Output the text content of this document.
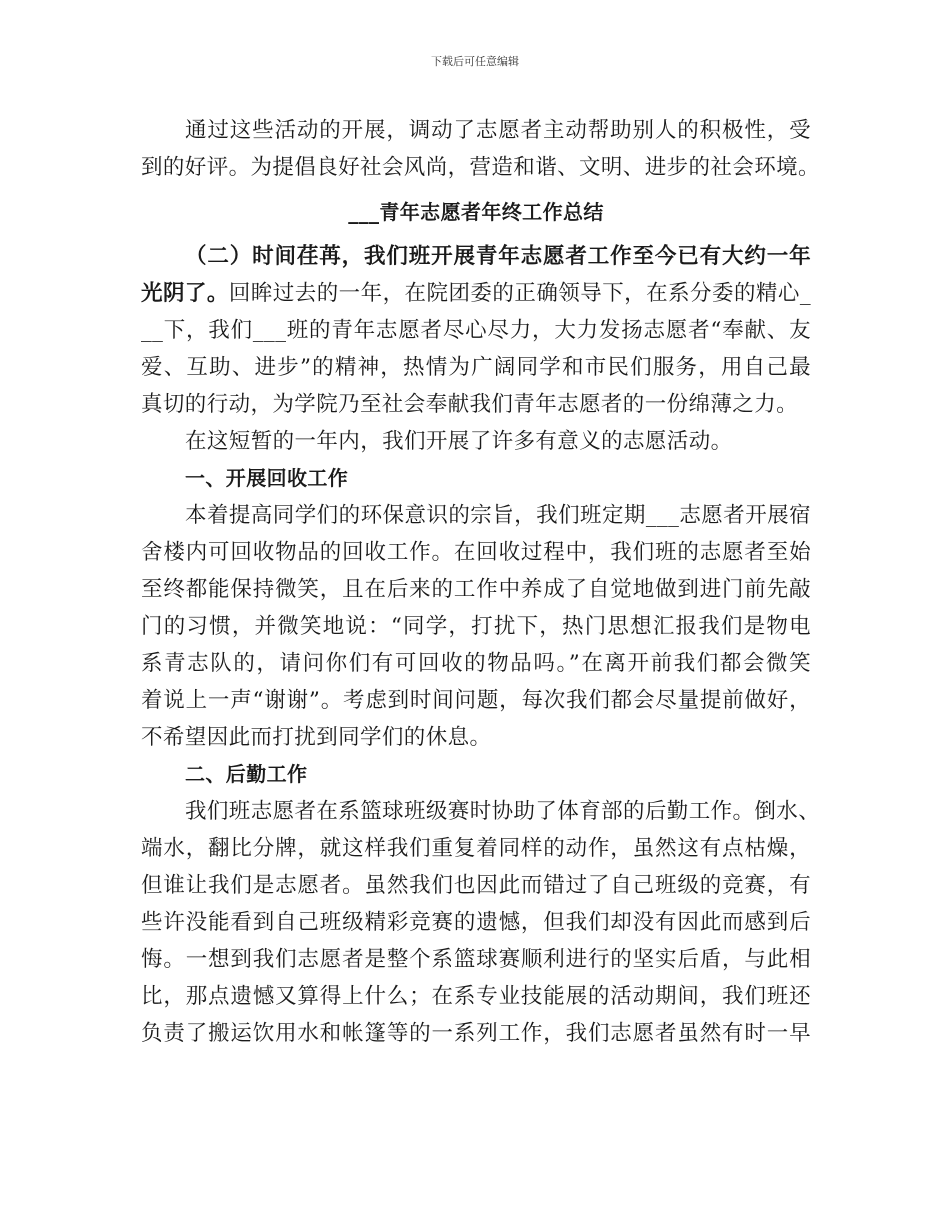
下载后可任意编辑
通过这些活动的开展，调动了志愿者主动帮助别人的积极性，受
到的好评。为提倡良好社会风尚，营造和谐、文明、进步的社会环境。
___青年志愿者年终工作总结
（二）时间荏苒，我们班开展青年志愿者工作至今已有大约一年
光阴了。回眸过去的一年，在院团委的正确领导下，在系分委的精心_
__下，我们___班的青年志愿者尽心尽力，大力发扬志愿者“奉献、友
爱、互助、进步”的精神，热情为广阔同学和市民们服务，用自己最
真切的行动，为学院乃至社会奉献我们青年志愿者的一份绵薄之力。
在这短暂的一年内，我们开展了许多有意义的志愿活动。
一、开展回收工作
本着提高同学们的环保意识的宗旨，我们班定期___志愿者开展宿
舍楼内可回收物品的回收工作。在回收过程中，我们班的志愿者至始
至终都能保持微笑，且在后来的工作中养成了自觉地做到进门前先敲
门的习惯，并微笑地说：“同学，打扰下，热门思想汇报我们是物电
系青志队的，请问你们有可回收的物品吗。”在离开前我们都会微笑
着说上一声“谢谢”。考虑到时间问题，每次我们都会尽量提前做好，
不希望因此而打扰到同学们的休息。
二、后勤工作
我们班志愿者在系篮球班级赛时协助了体育部的后勤工作。倒水、
端水，翻比分牌，就这样我们重复着同样的动作，虽然这有点枯燥，
但谁让我们是志愿者。虽然我们也因此而错过了自己班级的竞赛，有
些许没能看到自己班级精彩竞赛的遗憾，但我们却没有因此而感到后
悔。一想到我们志愿者是整个系篮球赛顺利进行的坚实后盾，与此相
比，那点遗憾又算得上什么；在系专业技能展的活动期间，我们班还
负责了搬运饮用水和帐篷等的一系列工作，我们志愿者虽然有时一早
